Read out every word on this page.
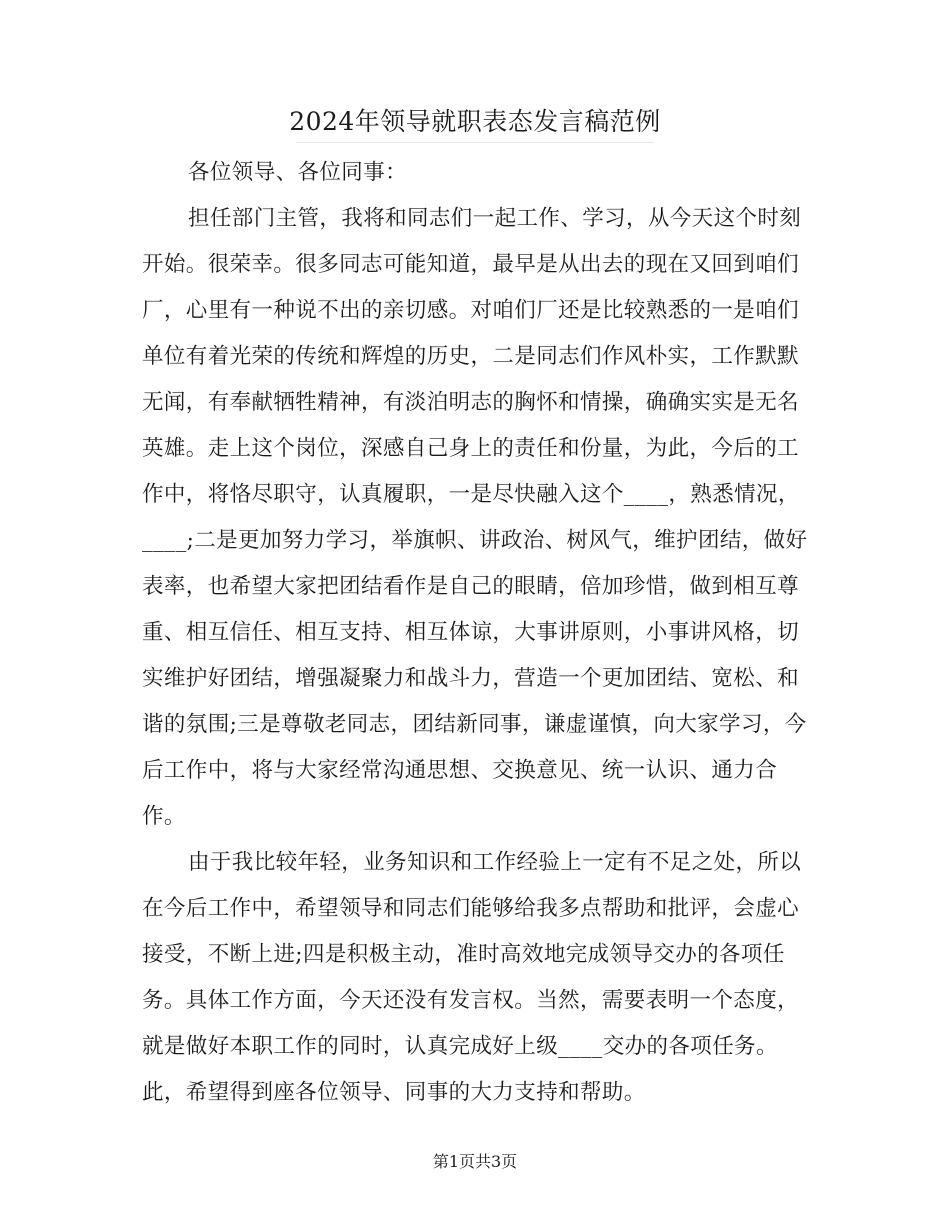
2024年领导就职表态发言稿范例
各位领导、各位同事：
担任部门主管，我将和同志们一起工作、学习，从今天这个时刻
开始。很荣幸。很多同志可能知道，最早是从出去的现在又回到咱们
厂，心里有一种说不出的亲切感。对咱们厂还是比较熟悉的一是咱们
单位有着光荣的传统和辉煌的历史，二是同志们作风朴实，工作默默
无闻，有奉献牺牲精神，有淡泊明志的胸怀和情操，确确实实是无名
英雄。走上这个岗位，深感自己身上的责任和份量，为此，今后的工
作中，将恪尽职守，认真履职，一是尽快融入这个____，熟悉情况，
____;二是更加努力学习，举旗帜、讲政治、树风气，维护团结，做好
表率，也希望大家把团结看作是自己的眼睛，倍加珍惜，做到相互尊
重、相互信任、相互支持、相互体谅，大事讲原则，小事讲风格，切
实维护好团结，增强凝聚力和战斗力，营造一个更加团结、宽松、和
谐的氛围;三是尊敬老同志，团结新同事，谦虚谨慎，向大家学习，今
后工作中，将与大家经常沟通思想、交换意见、统一认识、通力合
作。
由于我比较年轻，业务知识和工作经验上一定有不足之处，所以
在今后工作中，希望领导和同志们能够给我多点帮助和批评，会虚心
接受，不断上进;四是积极主动，准时高效地完成领导交办的各项任
务。具体工作方面，今天还没有发言权。当然，需要表明一个态度，
就是做好本职工作的同时，认真完成好上级____交办的各项任务。
此，希望得到座各位领导、同事的大力支持和帮助。
第1页共3页
